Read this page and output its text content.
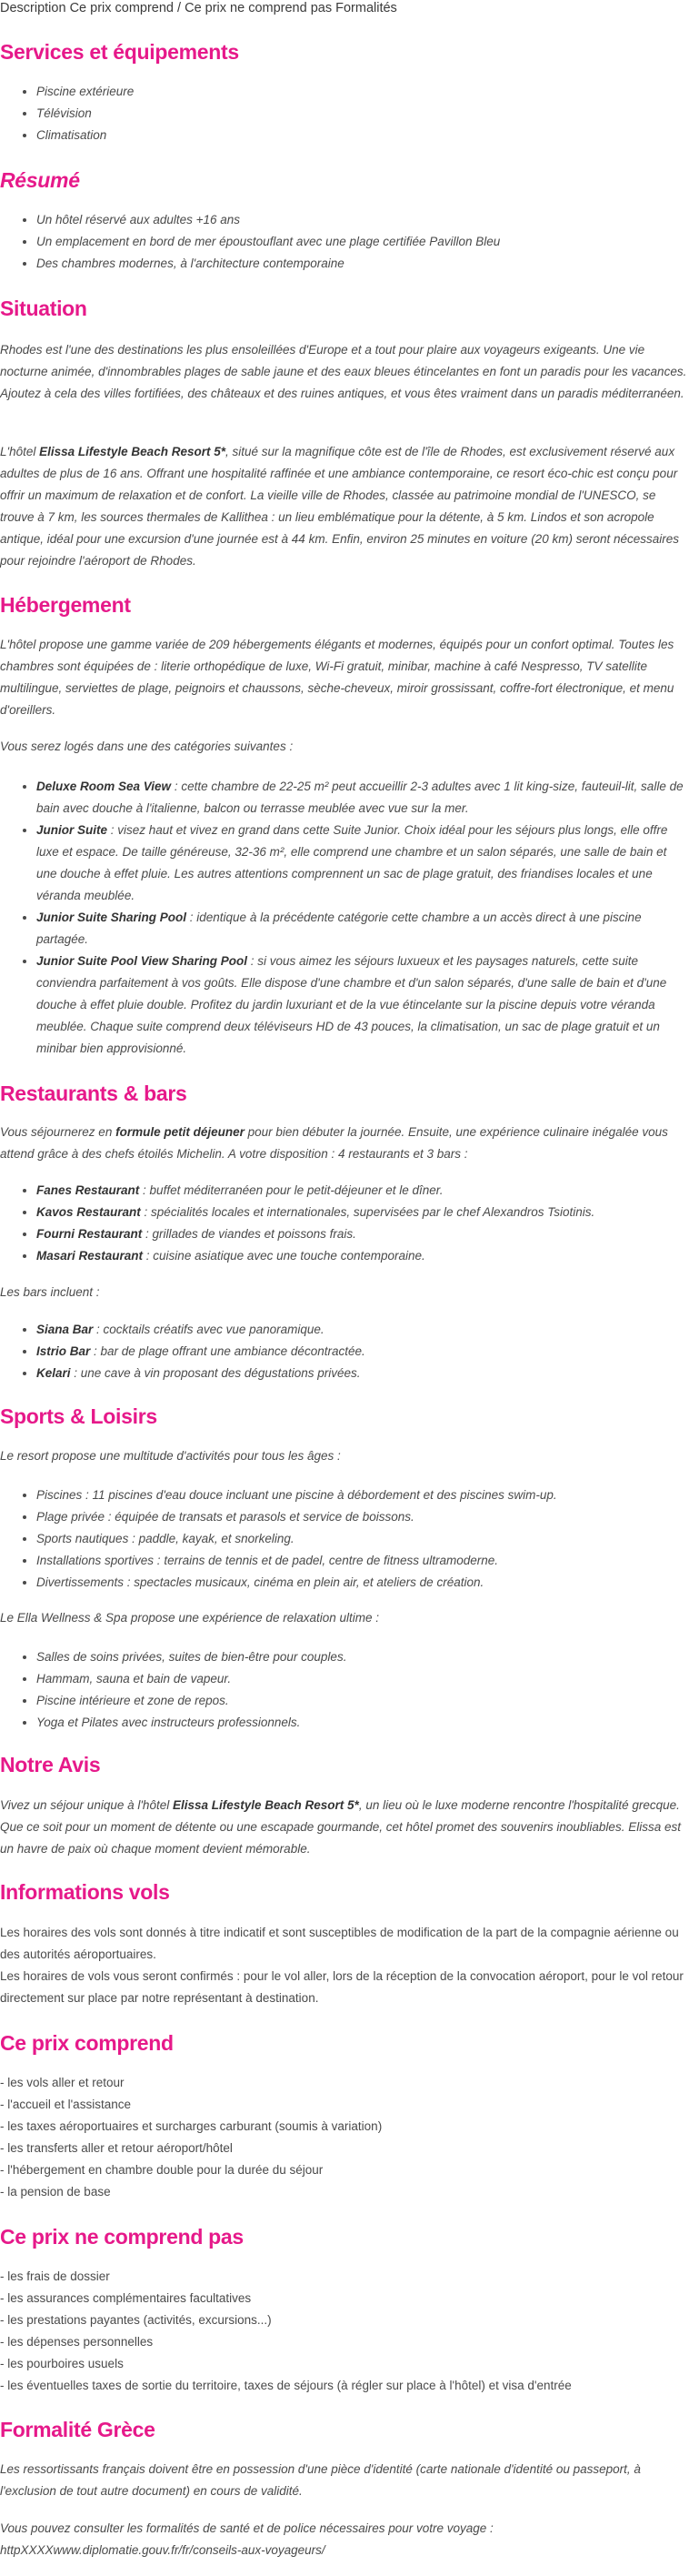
Description Ce prix comprend / Ce prix ne comprend pas Formalités
Services et équipements
• Piscine extérieure
• Télévision
• Climatisation
Résumé
• Un hôtel réservé aux adultes +16 ans
• Un emplacement en bord de mer époustouflant avec une plage certifiée Pavillon Bleu
• Des chambres modernes, à l'architecture contemporaine
Situation
Rhodes est l'une des destinations les plus ensoleillées d'Europe et a tout pour plaire aux voyageurs exigeants. Une vie nocturne animée, d'innombrables plages de sable jaune et des eaux bleues étincelantes en font un paradis pour les vacances. Ajoutez à cela des villes fortifiées, des châteaux et des ruines antiques, et vous êtes vraiment dans un paradis méditerranéen.
L'hôtel Elissa Lifestyle Beach Resort 5*, situé sur la magnifique côte est de l'île de Rhodes, est exclusivement réservé aux adultes de plus de 16 ans. Offrant une hospitalité raffinée et une ambiance contemporaine, ce resort éco-chic est conçu pour offrir un maximum de relaxation et de confort. La vieille ville de Rhodes, classée au patrimoine mondial de l'UNESCO, se trouve à 7 km, les sources thermales de Kallithea : un lieu emblématique pour la détente, à 5 km. Lindos et son acropole antique, idéal pour une excursion d'une journée est à 44 km. Enfin, environ 25 minutes en voiture (20 km) seront nécessaires pour rejoindre l'aéroport de Rhodes.
Hébergement
L'hôtel propose une gamme variée de 209 hébergements élégants et modernes, équipés pour un confort optimal. Toutes les chambres sont équipées de : literie orthopédique de luxe, Wi-Fi gratuit, minibar, machine à café Nespresso, TV satellite multilingue, serviettes de plage, peignoirs et chaussons, sèche-cheveux, miroir grossissant, coffre-fort électronique, et menu d'oreillers.
Vous serez logés dans une des catégories suivantes :
• Deluxe Room Sea View : cette chambre de 22-25 m² peut accueillir 2-3 adultes avec 1 lit king-size, fauteuil-lit, salle de bain avec douche à l'italienne, balcon ou terrasse meublée avec vue sur la mer.
• Junior Suite : visez haut et vivez en grand dans cette Suite Junior. Choix idéal pour les séjours plus longs, elle offre luxe et espace. De taille généreuse, 32-36 m², elle comprend une chambre et un salon séparés, une salle de bain et une douche à effet pluie. Les autres attentions comprennent un sac de plage gratuit, des friandises locales et une véranda meublée.
• Junior Suite Sharing Pool : identique à la précédente catégorie cette chambre a un accès direct à une piscine partagée.
• Junior Suite Pool View Sharing Pool : si vous aimez les séjours luxueux et les paysages naturels, cette suite conviendra parfaitement à vos goûts. Elle dispose d'une chambre et d'un salon séparés, d'une salle de bain et d'une douche à effet pluie double. Profitez du jardin luxuriant et de la vue étincelante sur la piscine depuis votre véranda meublée. Chaque suite comprend deux téléviseurs HD de 43 pouces, la climatisation, un sac de plage gratuit et un minibar bien approvisionné.
Restaurants & bars
Vous séjournerez en formule petit déjeuner pour bien débuter la journée. Ensuite, une expérience culinaire inégalée vous attend grâce à des chefs étoilés Michelin. A votre disposition : 4 restaurants et 3 bars :
• Fanes Restaurant : buffet méditerranéen pour le petit-déjeuner et le dîner.
• Kavos Restaurant : spécialités locales et internationales, supervisées par le chef Alexandros Tsiotinis.
• Fourni Restaurant : grillades de viandes et poissons frais.
• Masari Restaurant : cuisine asiatique avec une touche contemporaine.
Les bars incluent :
• Siana Bar : cocktails créatifs avec vue panoramique.
• Istrio Bar : bar de plage offrant une ambiance décontractée.
• Kelari : une cave à vin proposant des dégustations privées.
Sports & Loisirs
Le resort propose une multitude d'activités pour tous les âges :
• Piscines : 11 piscines d'eau douce incluant une piscine à débordement et des piscines swim-up.
• Plage privée : équipée de transats et parasols et service de boissons.
• Sports nautiques : paddle, kayak, et snorkeling.
• Installations sportives : terrains de tennis et de padel, centre de fitness ultramoderne.
• Divertissements : spectacles musicaux, cinéma en plein air, et ateliers de création.
Le Ella Wellness & Spa propose une expérience de relaxation ultime :
• Salles de soins privées, suites de bien-être pour couples.
• Hammam, sauna et bain de vapeur.
• Piscine intérieure et zone de repos.
• Yoga et Pilates avec instructeurs professionnels.
Notre Avis
Vivez un séjour unique à l'hôtel Elissa Lifestyle Beach Resort 5*, un lieu où le luxe moderne rencontre l'hospitalité grecque. Que ce soit pour un moment de détente ou une escapade gourmande, cet hôtel promet des souvenirs inoubliables. Elissa est un havre de paix où chaque moment devient mémorable.
Informations vols
Les horaires des vols sont donnés à titre indicatif et sont susceptibles de modification de la part de la compagnie aérienne ou des autorités aéroportuaires.
Les horaires de vols vous seront confirmés : pour le vol aller, lors de la réception de la convocation aéroport, pour le vol retour directement sur place par notre représentant à destination.
Ce prix comprend
- les vols aller et retour
- l'accueil et l'assistance
- les taxes aéroportuaires et surcharges carburant (soumis à variation)
- les transferts aller et retour aéroport/hôtel
- l'hébergement en chambre double pour la durée du séjour
- la pension de base
Ce prix ne comprend pas
- les frais de dossier
- les assurances complémentaires facultatives
- les prestations payantes (activités, excursions...)
- les dépenses personnelles
- les pourboires usuels
- les éventuelles taxes de sortie du territoire, taxes de séjours (à régler sur place à l'hôtel) et visa d'entrée
Formalité Grèce
Les ressortissants français doivent être en possession d'une pièce d'identité (carte nationale d'identité ou passeport, à l'exclusion de tout autre document) en cours de validité.
Vous pouvez consulter les formalités de santé et de police nécessaires pour votre voyage :
httpXXXXwww.diplomatie.gouv.fr/fr/conseils-aux-voyageurs/
